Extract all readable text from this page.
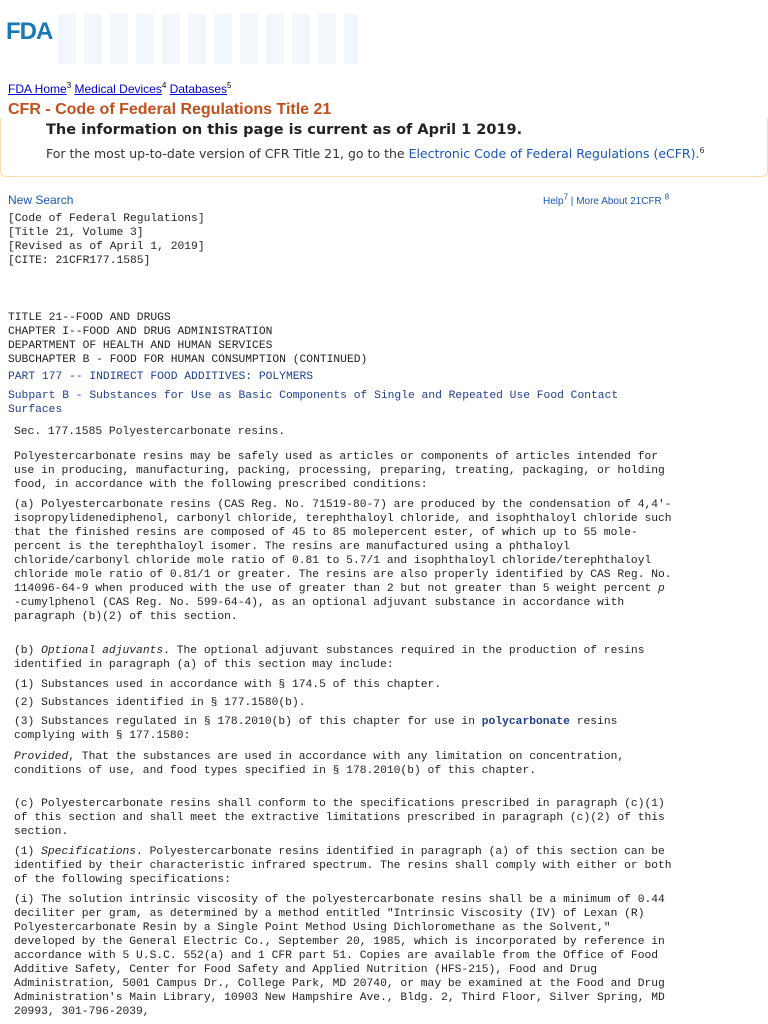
FDA
FDA Home$^3$ Medical Devices$^4$ Databases$^5$
CFR - Code of Federal Regulations Title 21
The information on this page is current as of April 1 2019.
For the most up-to-date version of CFR Title 21, go to the Electronic Code of Federal Regulations (eCFR).$^6$
New Search	Help$^7$ | More About 21CFR $^8$
[Code of Federal Regulations]
[Title 21, Volume 3]
[Revised as of April 1, 2019]
[CITE: 21CFR177.1585]
TITLE 21--FOOD AND DRUGS
CHAPTER I--FOOD AND DRUG ADMINISTRATION
DEPARTMENT OF HEALTH AND HUMAN SERVICES
SUBCHAPTER B - FOOD FOR HUMAN CONSUMPTION (CONTINUED)
PART 177 -- INDIRECT FOOD ADDITIVES: POLYMERS
Subpart B - Substances for Use as Basic Components of Single and Repeated Use Food Contact Surfaces
Sec. 177.1585 Polyestercarbonate resins.

Polyestercarbonate resins may be safely used as articles or components of articles intended for use in producing, manufacturing, packing, processing, preparing, treating, packaging, or holding food, in accordance with the following prescribed conditions:

(a) Polyestercarbonate resins (CAS Reg. No. 71519-80-7) are produced by the condensation of 4,4'-isopropylidenediphenol, carbonyl chloride, terephthaloyl chloride, and isophthaloyl chloride such that the finished resins are composed of 45 to 85 molepercent ester, of which up to 55 mole-percent is the terephthaloyl isomer. The resins are manufactured using a phthaloyl chloride/carbonyl chloride mole ratio of 0.81 to 5.7/1 and isophthaloyl chloride/terephthaloyl chloride mole ratio of 0.81/1 or greater. The resins are also properly identified by CAS Reg. No. 114096-64-9 when produced with the use of greater than 2 but not greater than 5 weight percent p -cumylphenol (CAS Reg. No. 599-64-4), as an optional adjuvant substance in accordance with paragraph (b)(2) of this section.

(b) Optional adjuvants. The optional adjuvant substances required in the production of resins identified in paragraph (a) of this section may include:

(1) Substances used in accordance with § 174.5 of this chapter.

(2) Substances identified in § 177.1580(b).

(3) Substances regulated in § 178.2010(b) of this chapter for use in polycarbonate resins complying with § 177.1580:

Provided, That the substances are used in accordance with any limitation on concentration, conditions of use, and food types specified in § 178.2010(b) of this chapter.

(c) Polyestercarbonate resins shall conform to the specifications prescribed in paragraph (c)(1) of this section and shall meet the extractive limitations prescribed in paragraph (c)(2) of this section.

(1) Specifications. Polyestercarbonate resins identified in paragraph (a) of this section can be identified by their characteristic infrared spectrum. The resins shall comply with either or both of the following specifications:

(i) The solution intrinsic viscosity of the polyestercarbonate resins shall be a minimum of 0.44 deciliter per gram, as determined by a method entitled "Intrinsic Viscosity (IV) of Lexan (R) Polyestercarbonate Resin by a Single Point Method Using Dichloromethane as the Solvent," developed by the General Electric Co., September 20, 1985, which is incorporated by reference in accordance with 5 U.S.C. 552(a) and 1 CFR part 51. Copies are available from the Office of Food Additive Safety, Center for Food Safety and Applied Nutrition (HFS-215), Food and Drug Administration, 5001 Campus Dr., College Park, MD 20740, or may be examined at the Food and Drug Administration's Main Library, 10903 New Hampshire Ave., Bldg. 2, Third Floor, Silver Spring, MD 20993, 301-796-2039,
